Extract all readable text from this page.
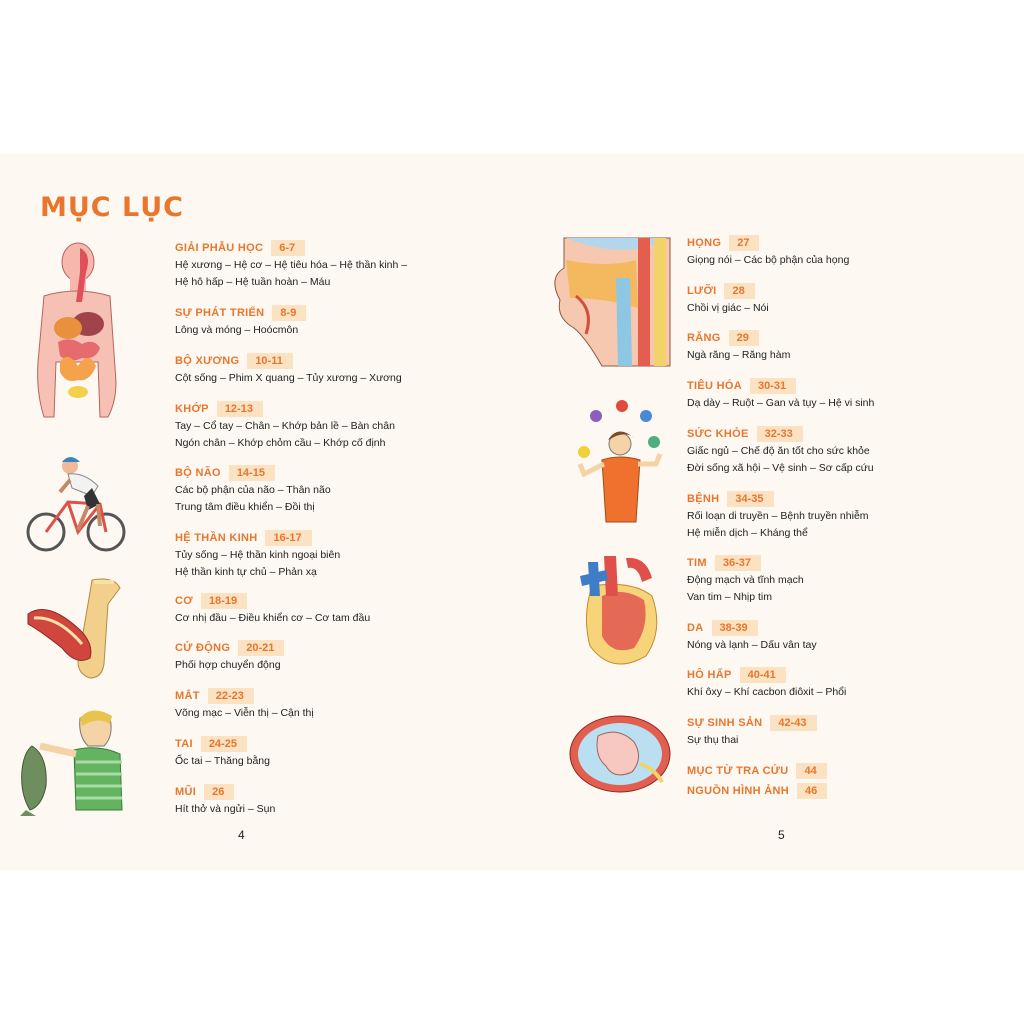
MỤC LỤC
GIẢI PHẪU HỌC	6-7
Hệ xương – Hệ cơ – Hệ tiêu hóa – Hệ thần kinh –
Hệ hô hấp – Hệ tuần hoàn – Máu
SỰ PHÁT TRIỂN	8-9
Lông và móng – Hoócmôn
BỘ XƯƠNG	10-11
Cột sống – Phim X quang – Tủy xương – Xương
KHỚP	12-13
Tay – Cổ tay – Chân – Khớp bản lề – Bàn chân
Ngón chân – Khớp chỏm cầu – Khớp cố định
BỘ NÃO	14-15
Các bộ phận của não – Thân não
Trung tâm điều khiển – Đồi thị
HỆ THẦN KINH	16-17
Tủy sống – Hệ thần kinh ngoại biên
Hệ thần kinh tự chủ – Phản xạ
CƠ	18-19
Cơ nhị đầu – Điều khiển cơ – Cơ tam đầu
CỬ ĐỘNG	20-21
Phối hợp chuyển động
MẮT	22-23
Võng mạc – Viễn thị – Cận thị
TAI	24-25
Ốc tai – Thăng bằng
MŨI	26
Hít thở và ngửi – Sụn
HỌNG	27
Giọng nói – Các bộ phận của họng
LƯỠI	28
Chồi vị giác – Nói
RĂNG	29
Ngà răng – Răng hàm
TIÊU HÓA	30-31
Dạ dày – Ruột – Gan và tụy – Hệ vi sinh
SỨC KHỎE	32-33
Giấc ngủ – Chế độ ăn tốt cho sức khỏe
Đời sống xã hội – Vệ sinh – Sơ cấp cứu
BỆNH	34-35
Rối loạn di truyền – Bệnh truyền nhiễm
Hệ miễn dịch – Kháng thể
TIM	36-37
Động mạch và tĩnh mạch
Van tim – Nhịp tim
DA	38-39
Nóng và lạnh – Dấu vân tay
HÔ HẤP	40-41
Khí ôxy – Khí cacbon điôxit – Phổi
SỰ SINH SẢN	42-43
Sự thụ thai
MỤC TỪ TRA CỨU	44
NGUỒN HÌNH ẢNH	46
4	5
